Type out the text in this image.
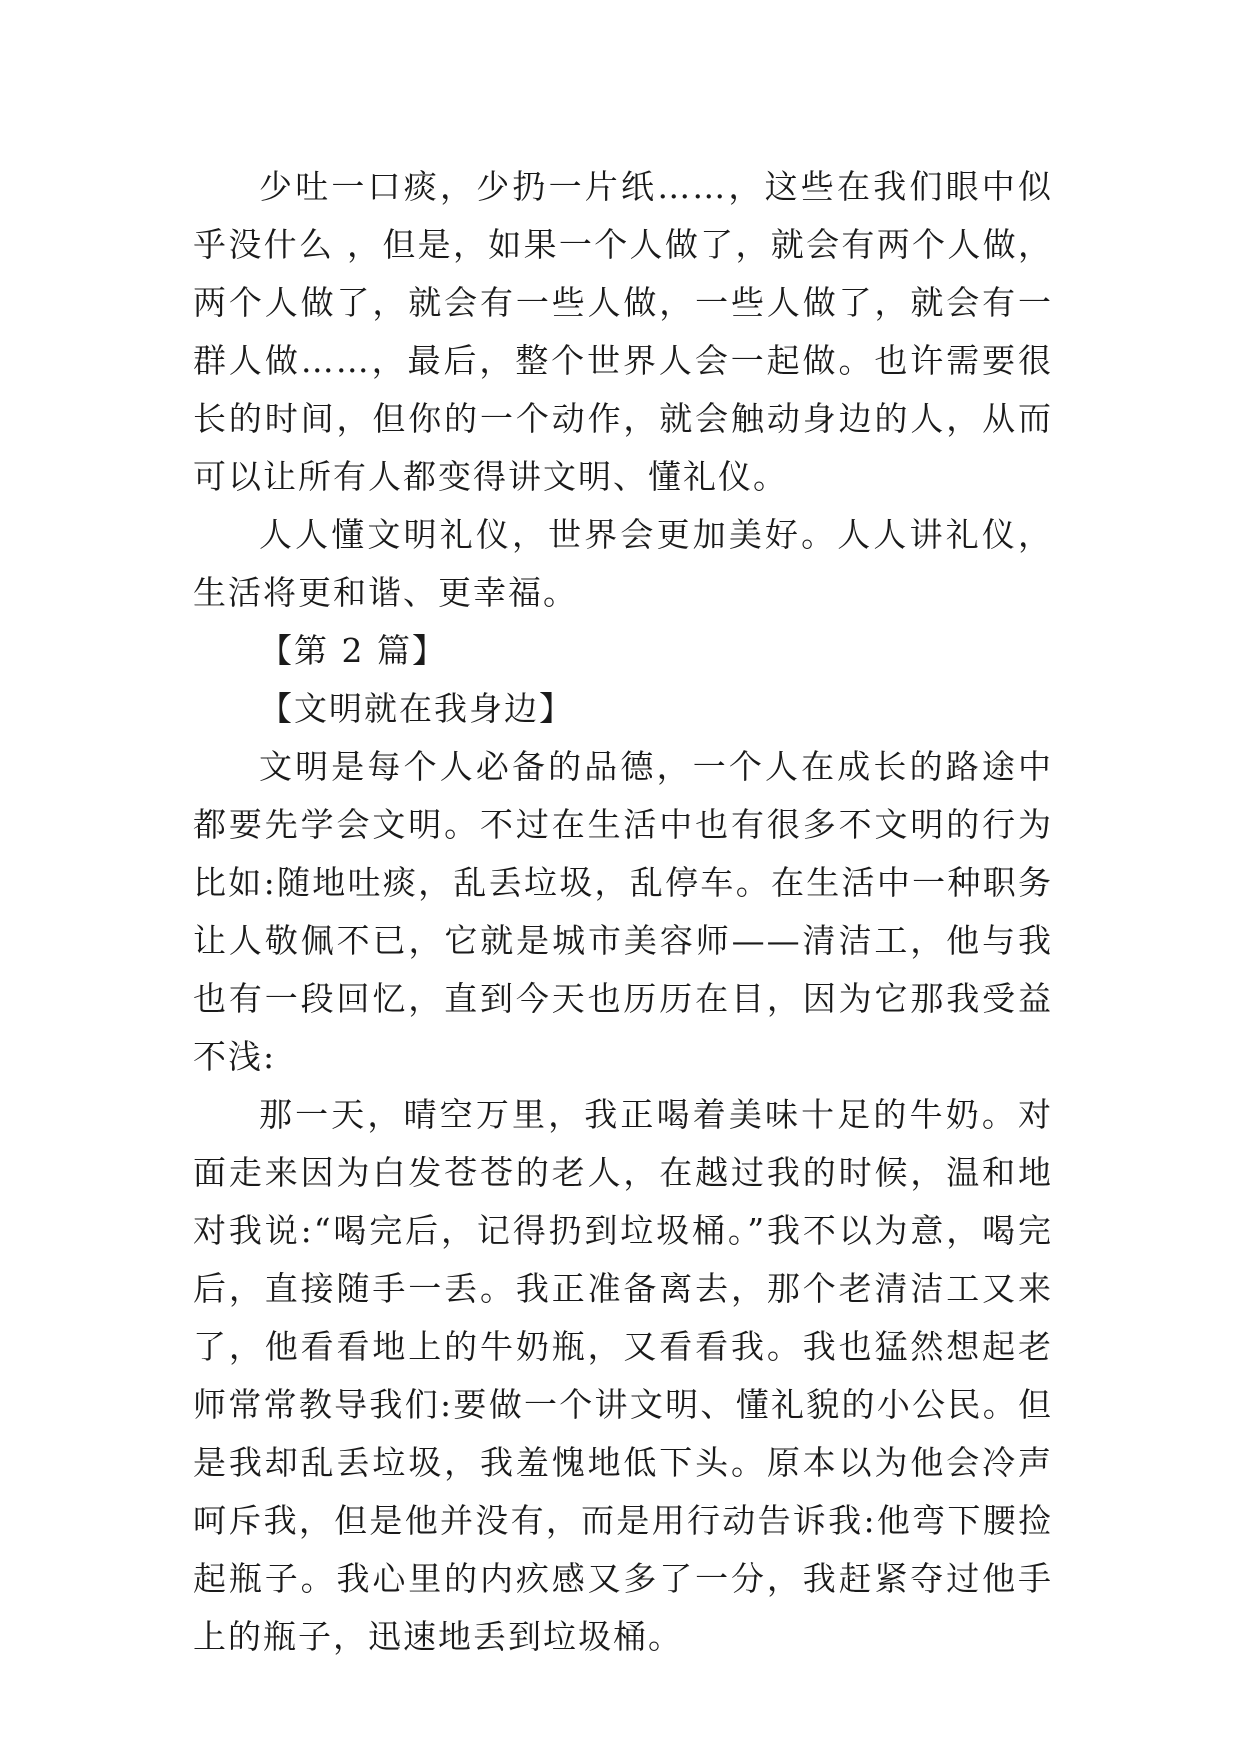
少吐一口痰，少扔一片纸……，这些在我们眼中似乎没什么 ，但是，如果一个人做了，就会有两个人做，两个人做了，就会有一些人做，一些人做了，就会有一群人做……，最后，整个世界人会一起做。也许需要很长的时间，但你的一个动作，就会触动身边的人，从而可以让所有人都变得讲文明、懂礼仪。

人人懂文明礼仪，世界会更加美好。人人讲礼仪，生活将更和谐、更幸福。

【第 2 篇】

【文明就在我身边】

文明是每个人必备的品德，一个人在成长的路途中都要先学会文明。不过在生活中也有很多不文明的行为比如:随地吐痰，乱丢垃圾，乱停车。在生活中一种职务让人敬佩不已，它就是城市美容师——清洁工，他与我也有一段回忆，直到今天也历历在目，因为它那我受益不浅:

那一天，晴空万里，我正喝着美味十足的牛奶。对面走来因为白发苍苍的老人，在越过我的时候，温和地对我说:“喝完后，记得扔到垃圾桶。”我不以为意，喝完后，直接随手一丢。我正准备离去，那个老清洁工又来了，他看看地上的牛奶瓶，又看看我。我也猛然想起老师常常教导我们:要做一个讲文明、懂礼貌的小公民。但是我却乱丢垃圾，我羞愧地低下头。原本以为他会冷声呵斥我，但是他并没有，而是用行动告诉我:他弯下腰捡起瓶子。我心里的内疚感又多了一分，我赶紧夺过他手上的瓶子，迅速地丢到垃圾桶。
